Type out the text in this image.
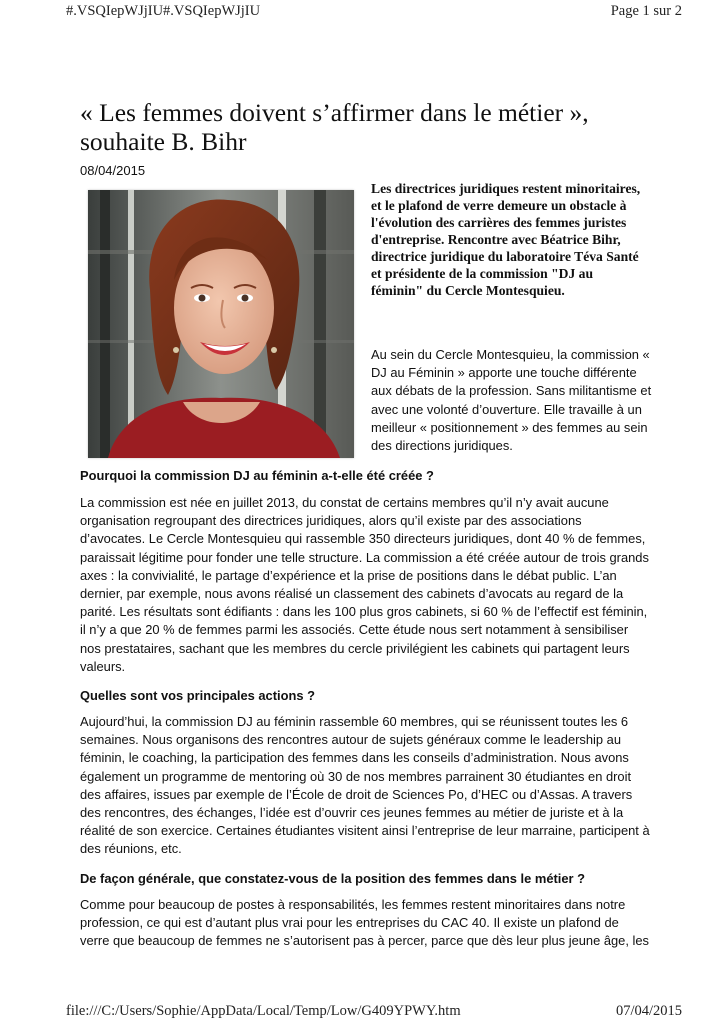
#.VSQIepWJjIU#.VSQIepWJjIU	Page 1 sur 2
« Les femmes doivent s’affirmer dans le métier », souhaite B. Bihr
08/04/2015

Les directrices juridiques restent minoritaires, et le plafond de verre demeure un obstacle à l'évolution des carrières des femmes juristes d'entreprise. Rencontre avec Béatrice Bihr, directrice juridique du laboratoire Téva Santé et présidente de la commission "DJ au féminin" du Cercle Montesquieu.

Au sein du Cercle Montesquieu, la commission « DJ au Féminin » apporte une touche différente aux débats de la profession. Sans militantisme et avec une volonté d’ouverture. Elle travaille à un meilleur « positionnement » des femmes au sein des directions juridiques.

Pourquoi la commission DJ au féminin a-t-elle été créée ?

La commission est née en juillet 2013, du constat de certains membres qu’il n’y avait aucune organisation regroupant des directrices juridiques, alors qu’il existe par des associations d’avocates. Le Cercle Montesquieu qui rassemble 350 directeurs juridiques, dont 40 % de femmes, paraissait légitime pour fonder une telle structure. La commission a été créée autour de trois grands axes : la convivialité, le partage d’expérience et la prise de positions dans le débat public. L’an dernier, par exemple, nous avons réalisé un classement des cabinets d’avocats au regard de la parité. Les résultats sont édifiants : dans les 100 plus gros cabinets, si 60 % de l’effectif est féminin, il n’y a que 20 % de femmes parmi les associés. Cette étude nous sert notamment à sensibiliser nos prestataires, sachant que les membres du cercle privilégient les cabinets qui partagent leurs valeurs.

Quelles sont vos principales actions ?

Aujourd’hui, la commission DJ au féminin rassemble 60 membres, qui se réunissent toutes les 6 semaines. Nous organisons des rencontres autour de sujets généraux comme le leadership au féminin, le coaching, la participation des femmes dans les conseils d’administration. Nous avons également un programme de mentoring où 30 de nos membres parrainent 30 étudiantes en droit des affaires, issues par exemple de l’École de droit de Sciences Po, d’HEC ou d’Assas. A travers des rencontres, des échanges, l’idée est d’ouvrir ces jeunes femmes au métier de juriste et à la réalité de son exercice. Certaines étudiantes visitent ainsi l’entreprise de leur marraine, participent à des réunions, etc.

De façon générale, que constatez-vous de la position des femmes dans le métier ?

Comme pour beaucoup de postes à responsabilités, les femmes restent minoritaires dans notre profession, ce qui est d’autant plus vrai pour les entreprises du CAC 40. Il existe un plafond de verre que beaucoup de femmes ne s’autorisent pas à percer, parce que dès leur plus jeune âge, les

file:///C:/Users/Sophie/AppData/Local/Temp/Low/G409YPWY.htm	07/04/2015
